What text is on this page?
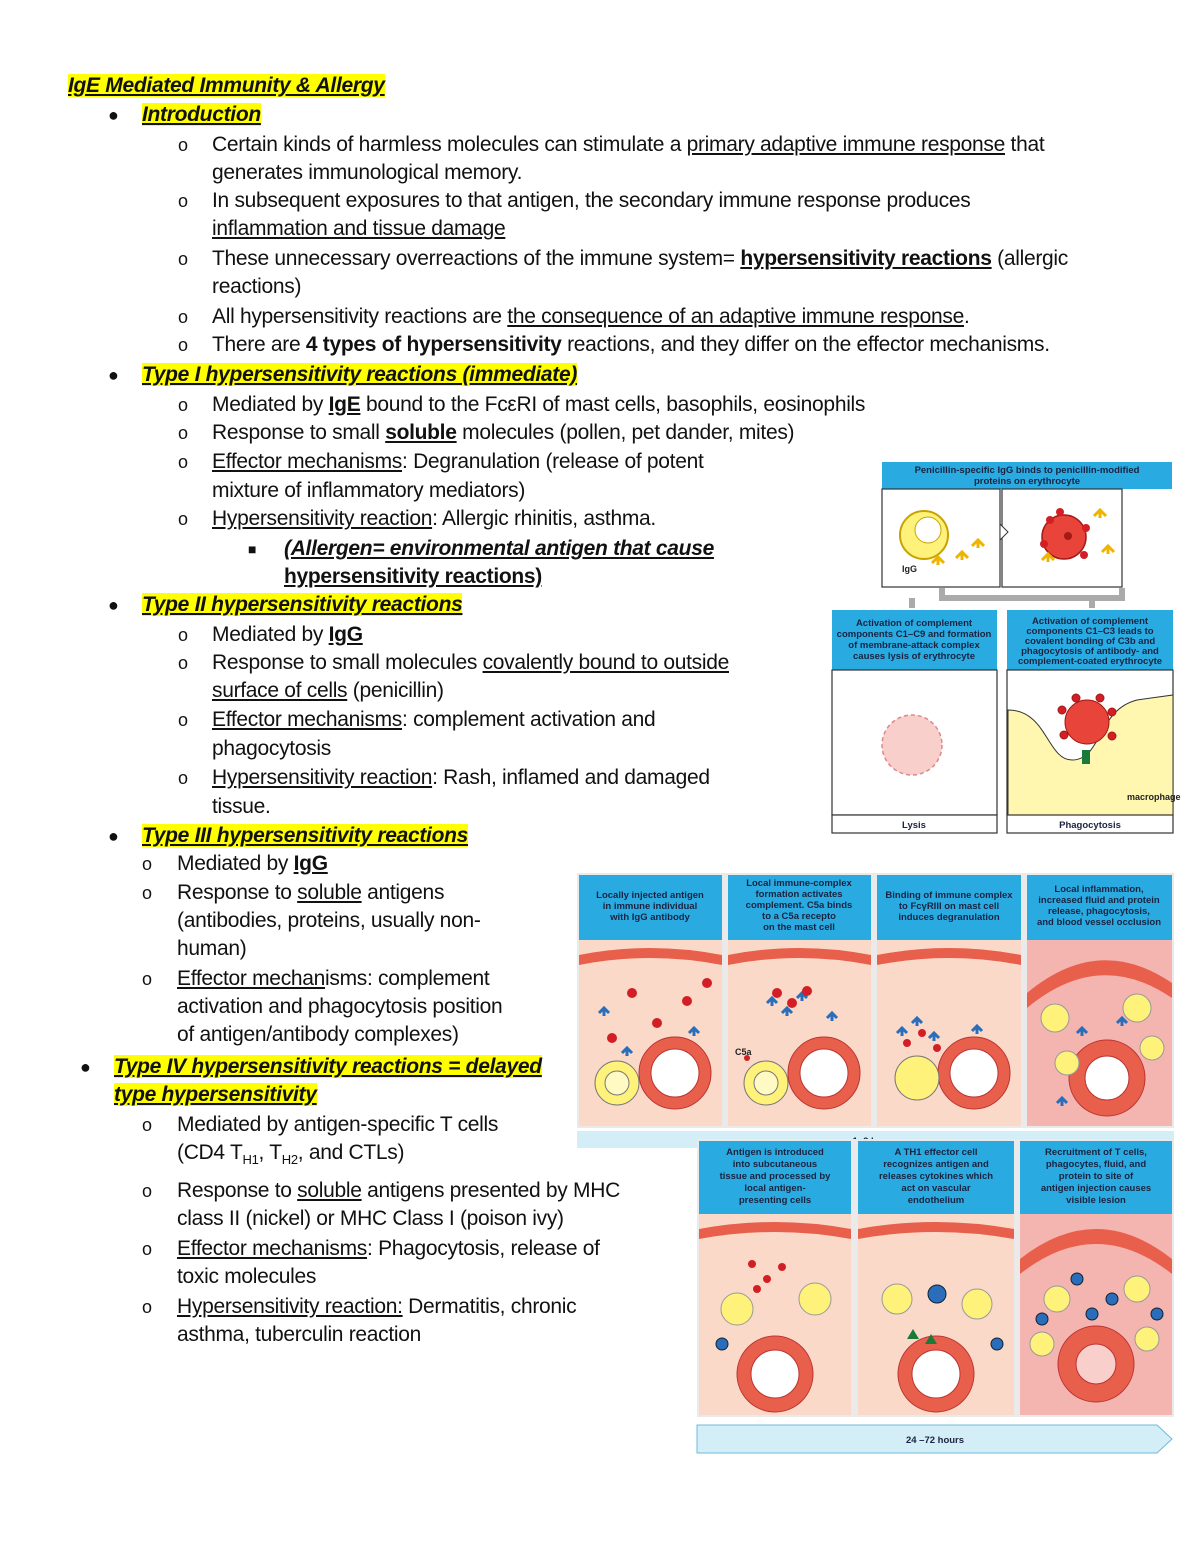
IgE Mediated Immunity & Allergy
● Introduction
o Certain kinds of harmless molecules can stimulate a primary adaptive immune response that
generates immunological memory.
o In subsequent exposures to that antigen, the secondary immune response produces
inflammation and tissue damage
o These unnecessary overreactions of the immune system= hypersensitivity reactions (allergic
reactions)
o All hypersensitivity reactions are the consequence of an adaptive immune response.
o There are 4 types of hypersensitivity reactions, and they differ on the effector mechanisms.
● Type I hypersensitivity reactions (immediate)
o Mediated by IgE bound to the FcεRI of mast cells, basophils, eosinophils
o Response to small soluble molecules (pollen, pet dander, mites)
o Effector mechanisms: Degranulation (release of potent
mixture of inflammatory mediators)
o Hypersensitivity reaction: Allergic rhinitis, asthma.
■ (Allergen= environmental antigen that cause
hypersensitivity reactions)
● Type II hypersensitivity reactions
o Mediated by IgG
o Response to small molecules covalently bound to outside
surface of cells (penicillin)
o Effector mechanisms: complement activation and
phagocytosis
o Hypersensitivity reaction: Rash, inflamed and damaged
tissue.
● Type III hypersensitivity reactions
o Mediated by IgG
o Response to soluble antigens
(antibodies, proteins, usually non-
human)
o Effector mechanisms: complement
activation and phagocytosis position
of antigen/antibody complexes)
● Type IV hypersensitivity reactions = delayed
type hypersensitivity
o Mediated by antigen-specific T cells
(CD4 $T_{H1}$, $T_{H2}$, and CTLs)
o Response to soluble antigens presented by MHC
class II (nickel) or MHC Class I (poison ivy)
o Effector mechanisms: Phagocytosis, release of
toxic molecules
o Hypersensitivity reaction: Dermatitis, chronic
asthma, tuberculin reaction
Penicillin-specific IgG binds to penicillin-modified
proteins on erythrocyte
IgG
Activation of complement
components C1–C9 and formation
of membrane-attack complex
causes lysis of erythrocyte
Activation of complement
components C1–C3 leads to
covalent bonding of C3b and
phagocytosis of antibody- and
complement-coated erythrocyte
macrophage
Lysis	Phagocytosis
Locally injected antigen
in immune individual
with IgG antibody
Local immune-complex
formation activates
complement. C5a binds
to a C5a recepto
on the mast cell
C5a
Binding of immune complex
to FcγRIII on mast cell
induces degranulation
Local inflammation,
increased fluid and protein
release, phagocytosis,
and blood vessel occlusion
Antigen is introduced
into subcutaneous
tissue and processed by
local antigen-
presenting cells
A TH1 effector cell
recognizes antigen and
releases cytokines which
act on vascular
endothelium
Recruitment of T cells,
phagocytes, fluid, and
protein to site of
antigen injection causes
visible lesion
24 –72 hours
